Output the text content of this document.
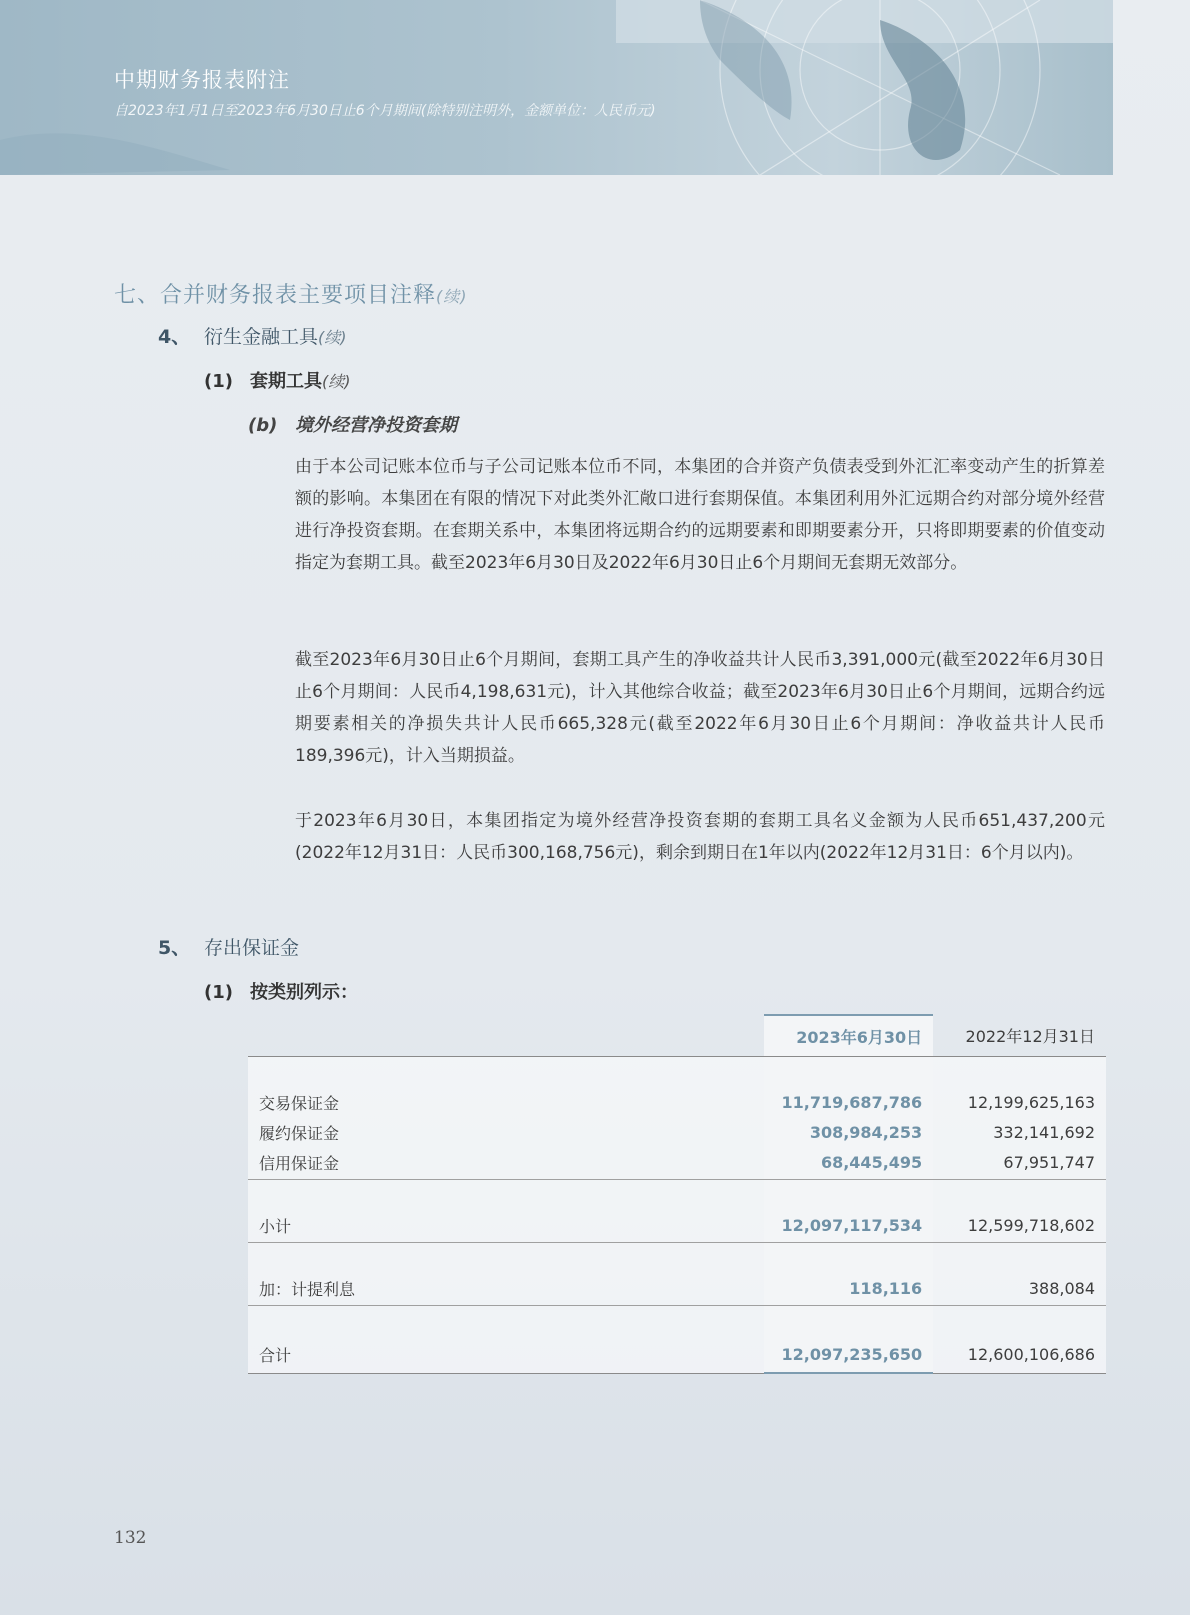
中期财务报表附注
自2023年1月1日至2023年6月30日止6个月期间(除特别注明外，金额单位：人民币元)
七、合并财务报表主要项目注释(续)
4、 衍生金融工具(续)
(1) 套期工具(续)
(b) 境外经营净投资套期

由于本公司记账本位币与子公司记账本位币不同，本集团的合并资产负债表受到外汇汇率变动产生的折算差额的影响。本集团在有限的情况下对此类外汇敞口进行套期保值。本集团利用外汇远期合约对部分境外经营进行净投资套期。在套期关系中，本集团将远期合约的远期要素和即期要素分开，只将即期要素的价值变动指定为套期工具。截至2023年6月30日及2022年6月30日止6个月期间无套期无效部分。

截至2023年6月30日止6个月期间，套期工具产生的净收益共计人民币3,391,000元(截至2022年6月30日止6个月期间：人民币4,198,631元)，计入其他综合收益；截至2023年6月30日止6个月期间，远期合约远期要素相关的净损失共计人民币665,328元(截至2022年6月30日止6个月期间：净收益共计人民币189,396元)，计入当期损益。

于2023年6月30日，本集团指定为境外经营净投资套期的套期工具名义金额为人民币651,437,200元(2022年12月31日：人民币300,168,756元)，剩余到期日在1年以内(2022年12月31日：6个月以内)。

5、 存出保证金
(1) 按类别列示：
	2023年6月30日	2022年12月31日

交易保证金	11,719,687,786	12,199,625,163
履约保证金	308,984,253	332,141,692
信用保证金	68,445,495	67,951,747

小计	12,097,117,534	12,599,718,602

加：计提利息	118,116	388,084

合计	12,097,235,650	12,600,106,686
132
